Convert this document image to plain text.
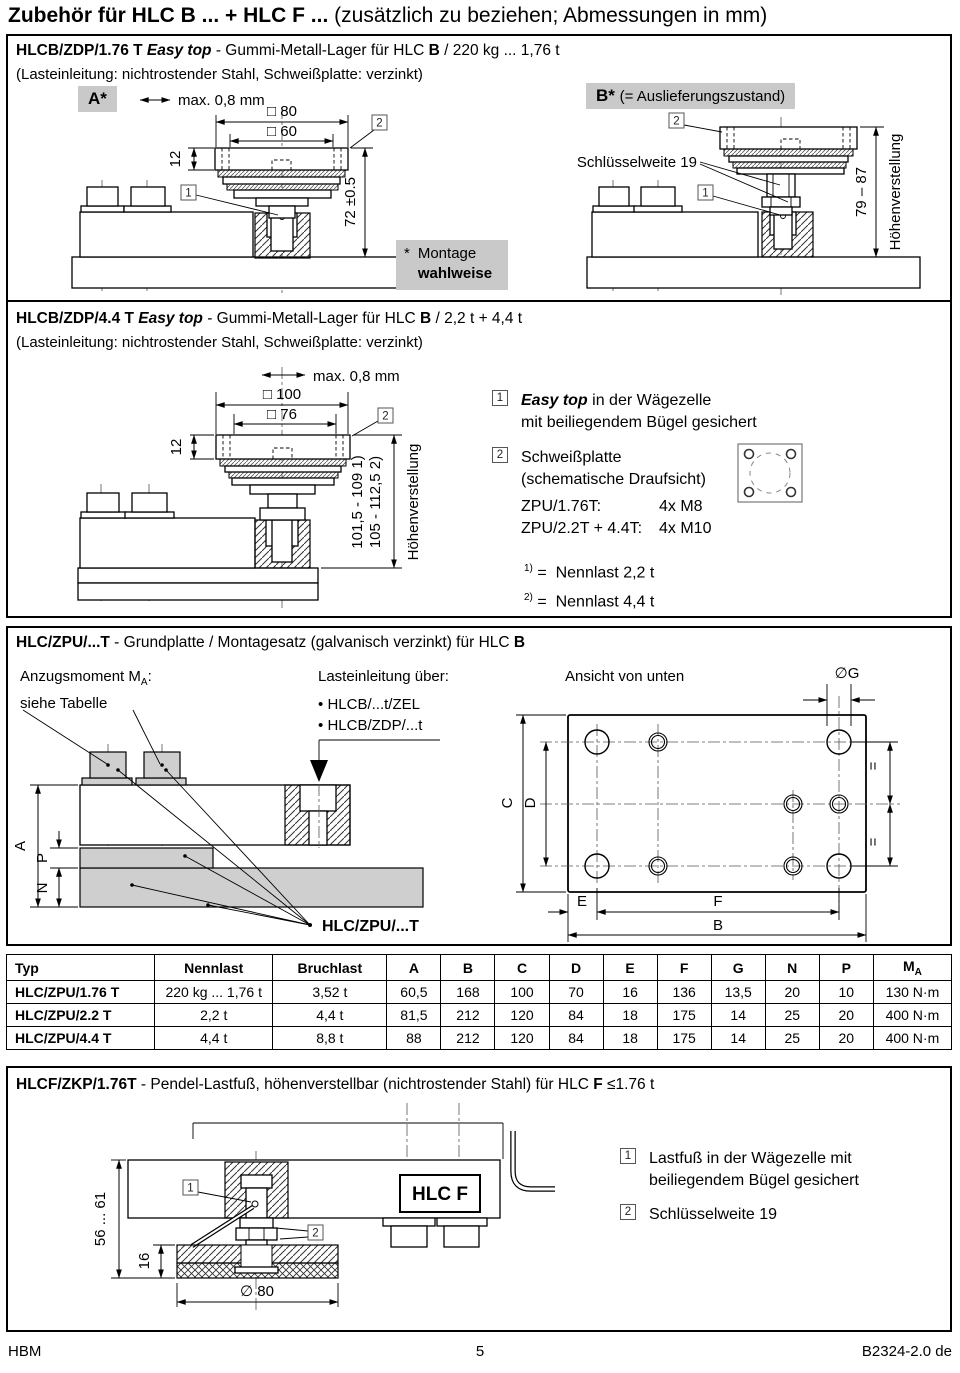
Zubehör für HLC B ... + HLC F ... (zusätzlich zu beziehen; Abmessungen in mm)
HLCB/ZDP/1.76 T Easy top - Gummi-Metall-Lager für HLC B / 220 kg ... 1,76 t
(Lasteinleitung: nichtrostender Stahl, Schweißplatte: verzinkt)
A*	B* (= Auslieferungszustand)
max. 0,8 mm
□ 80
□ 60
12
72 ±0.5
1
2
Schlüsselweite 19
2
1	79 – 87 Höhenverstellung
* Montage
wahlweise
HLCB/ZDP/4.4 T Easy top - Gummi-Metall-Lager für HLC B / 2,2 t + 4,4 t
(Lasteinleitung: nichtrostender Stahl, Schweißplatte: verzinkt)
max. 0,8 mm
□ 100
□ 76
12
101,5 - 109 1) 105 - 112,5 2) Höhenverstellung
2
1 Easy top in der Wägezelle
mit beiliegendem Bügel gesichert
2 Schweißplatte
(schematische Draufsicht)
ZPU/1.76T:	4x M8
ZPU/2.2T + 4.4T: 4x M10
$^{1)}$ = Nennlast 2,2 t
$^{2)}$ = Nennlast 4,4 t
HLC/ZPU/...T - Grundplatte / Montagesatz (galvanisch verzinkt) für HLC B
Anzugsmoment $M_A$:
siehe Tabelle
Lasteinleitung über:
• HLCB/...t/ZEL
• HLCB/ZDP/...t
Ansicht von unten
A
P
N
HLC/ZPU/...T
∅G
C D
E	F
B
=
=
Typ	Nennlast	Bruchlast	A	B	C	D	E	F	G	N	P	$M_A$
HLC/ZPU/1.76 T	220 kg ... 1,76 t	3,52 t	60,5	168	100	70	16	136	13,5	20	10	130 N·m
HLC/ZPU/2.2 T	2,2 t	4,4 t	81,5	212	120	84	18	175	14	25	20	400 N·m
HLC/ZPU/4.4 T	4,4 t	8,8 t	88	212	120	84	18	175	14	25	20	400 N·m
HLCF/ZKP/1.76T - Pendel-Lastfuß, höhenverstellbar (nichtrostender Stahl) für HLC F ≤1.76 t
HLC F
1
2
56 ... 61
16
∅ 80
1 Lastfuß in der Wägezelle mit
beiliegendem Bügel gesichert
2 Schlüsselweite 19
HBM	5	B2324-2.0 de
